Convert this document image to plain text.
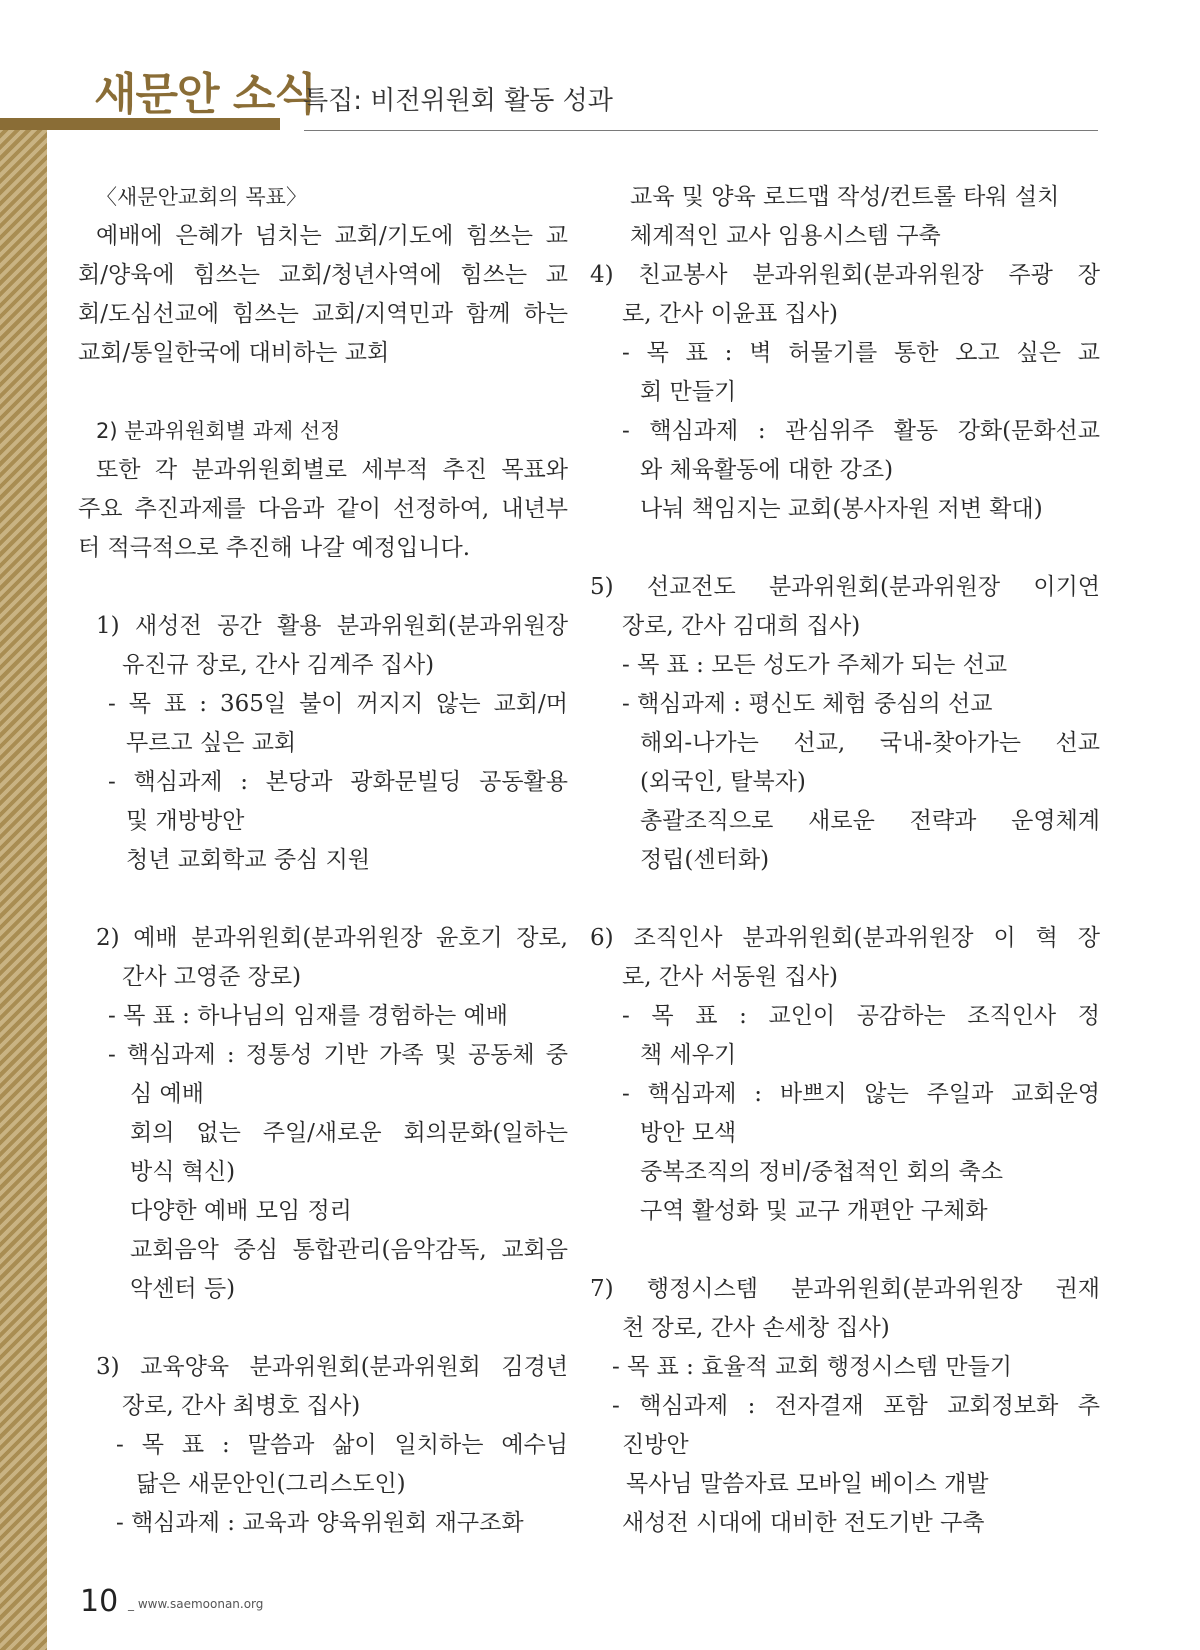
새문안 소식
특집: 비전위원회 활동 성과

〈새문안교회의 목표〉

예배에 은혜가 넘치는 교회/기도에 힘쓰는 교

회/양육에 힘쓰는 교회/청년사역에 힘쓰는 교

회/도심선교에 힘쓰는 교회/지역민과 함께 하는

교회/통일한국에 대비하는 교회

2) 분과위원회별 과제 선정

또한 각 분과위원회별로 세부적 추진 목표와

주요 추진과제를 다음과 같이 선정하여, 내년부

터 적극적으로 추진해 나갈 예정입니다.

1) 새성전 공간 활용 분과위원회(분과위원장

유진규 장로, 간사 김계주 집사)

- 목 표 : 365일 불이 꺼지지 않는 교회/머

무르고 싶은 교회

- 핵심과제 : 본당과 광화문빌딩 공동활용

및 개방방안

청년 교회학교 중심 지원

2) 예배 분과위원회(분과위원장 윤호기 장로,

간사 고영준 장로)

- 목 표 : 하나님의 임재를 경험하는 예배

- 핵심과제 : 정통성 기반 가족 및 공동체 중

심 예배

회의 없는 주일/새로운 회의문화(일하는

방식 혁신)

다양한 예배 모임 정리

교회음악 중심 통합관리(음악감독, 교회음

악센터 등)

3) 교육양육 분과위원회(분과위원회 김경년

장로, 간사 최병호 집사)

- 목 표 : 말씀과 삶이 일치하는 예수님

닮은 새문안인(그리스도인)

- 핵심과제 : 교육과 양육위원회 재구조화

교육 및 양육 로드맵 작성/컨트롤 타워 설치

체계적인 교사 임용시스템 구축

4) 친교봉사 분과위원회(분과위원장 주광 장

로, 간사 이윤표 집사)

- 목 표 : 벽 허물기를 통한 오고 싶은 교

회 만들기

- 핵심과제 : 관심위주 활동 강화(문화선교

와 체육활동에 대한 강조)

나눠 책임지는 교회(봉사자원 저변 확대)

5) 선교전도 분과위원회(분과위원장 이기연

장로, 간사 김대희 집사)

- 목 표 : 모든 성도가 주체가 되는 선교

- 핵심과제 : 평신도 체험 중심의 선교

해외-나가는 선교, 국내-찾아가는 선교

(외국인, 탈북자)

총괄조직으로 새로운 전략과 운영체계

정립(센터화)

6) 조직인사 분과위원회(분과위원장 이 혁 장

로, 간사 서동원 집사)

- 목 표 : 교인이 공감하는 조직인사 정

책 세우기

- 핵심과제 : 바쁘지 않는 주일과 교회운영

방안 모색

중복조직의 정비/중첩적인 회의 축소

구역 활성화 및 교구 개편안 구체화

7) 행정시스템 분과위원회(분과위원장 권재

천 장로, 간사 손세창 집사)

- 목 표 : 효율적 교회 행정시스템 만들기

- 핵심과제 : 전자결재 포함 교회정보화 추

진방안

목사님 말씀자료 모바일 베이스 개발

새성전 시대에 대비한 전도기반 구축

10 _ www.saemoonan.org
